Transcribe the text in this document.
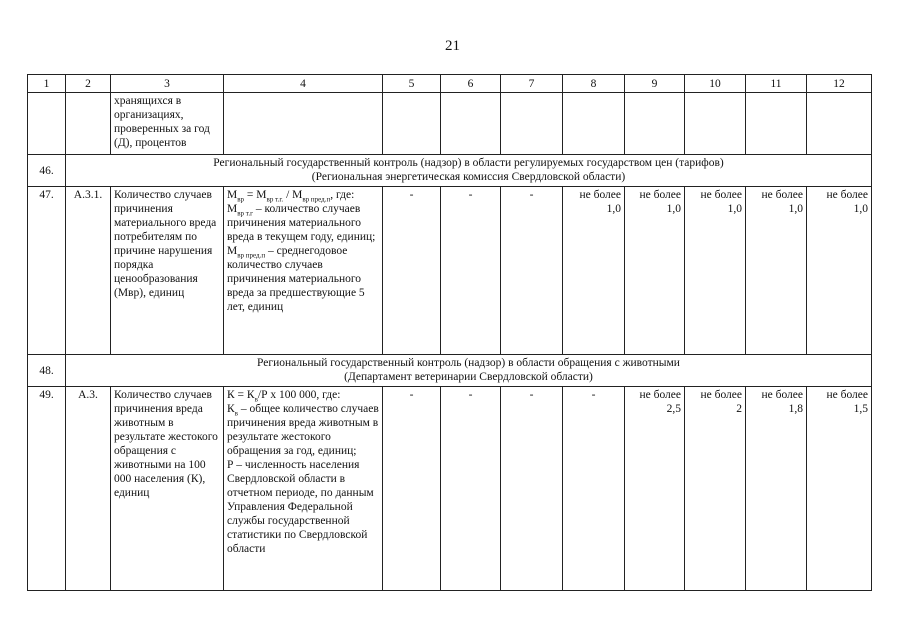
21
1	2	3	4	5	6	7	8	9	10	11	12
		хранящихся в организациях, проверенных за год (Д), процентов									
46.	Региональный государственный контроль (надзор) в области регулируемых государством цен (тарифов)
(Региональная энергетическая комиссия Свердловской области)										

47.	А.3.1.	Количество случаев причинения материального вреда потребителям по причине нарушения порядка ценообразования (Мвр), единиц	$М_{вр} = М_{вр т.г.} / М_{вр пред.п}$, где:
$М_{вр т.г}$ – количество случаев причинения материального вреда в текущем году, единиц;
$М_{вр пред.п}$ – среднегодовое количество случаев причинения материального вреда за предшествующие 5 лет, единиц	-	-	-	не более
1,0	не более
1,0	не более
1,0	не более
1,0	не более
1,0

48.	Региональный государственный контроль (надзор) в области обращения с животными
(Департамент ветеринарии Свердловской области)										

49.	А.3.	Количество случаев причинения вреда животным в результате жестокого обращения с животными на 100 000 населения (К), единиц	$К = К_в/Р$ х 100 000, где:
$К_в$ – общее количество случаев причинения вреда животным в результате жестокого обращения за год, единиц;
Р – численность населения Свердловской области в отчетном периоде, по данным Управления Федеральной службы государственной статистики по Свердловской области	-	-	-	-	не более
2,5	не более
2	не более
1,8	не более
1,5
